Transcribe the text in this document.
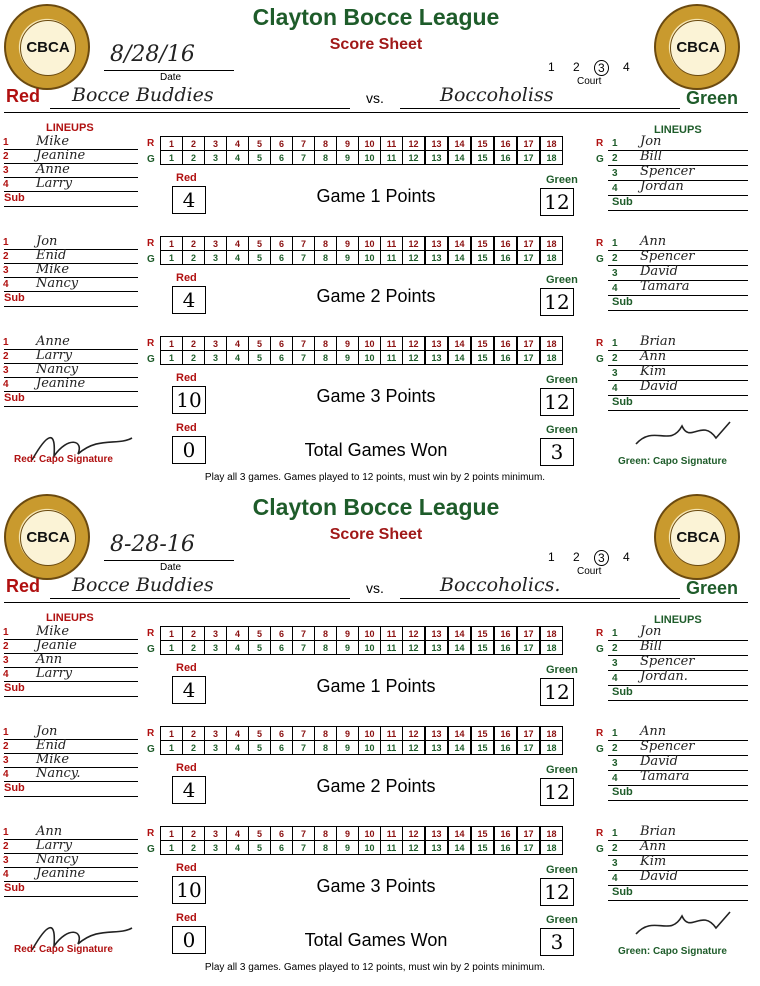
CBCA	CBCA
Clayton Bocce League
Score Sheet
8/28/16
Date
1 2	3	4
Court
Red Bocce Buddies	vs.	Boccoholiss	Green
LINEUPS	LINEUPS
1 Mike
2 Jeanine
3 Anne
4 Larry
Sub
1 Jon
2 Bill
3 Spencer
4 Jordan
Sub
R
G
R
G
1	2	3	4	5	6	7	8	9	10	11	12	13	14	15	16	17	18
1	2	3	4	5	6	7	8	9	10	11	12	13	14	15	16	17	18
Red
4	Game 1 Points
Green
12
1 Jon
2 Enid
3 Mike
4 Nancy
Sub
1 Ann
2 Spencer
3 David
4 Tamara
Sub
R
G
R
G
1	2	3	4	5	6	7	8	9	10	11	12	13	14	15	16	17	18
1	2	3	4	5	6	7	8	9	10	11	12	13	14	15	16	17	18
Red
4	Game 2 Points
Green
12
1 Anne
2 Larry
3 Nancy
4 Jeanine
Sub
1 Brian
2 Ann
3 Kim
4 David
Sub
R
G
R
G
1	2	3	4	5	6	7	8	9	10	11	12	13	14	15	16	17	18
1	2	3	4	5	6	7	8	9	10	11	12	13	14	15	16	17	18
Red
10	Game 3 Points
Green
12
Red
0	Total Games Won
Green
3
Red: Capo Signature	Green: Capo Signature
Play all 3 games. Games played to 12 points, must win by 2 points minimum.
CBCA	CBCA
Clayton Bocce League
Score Sheet
8-28-16
Date
1 2	3	4
Court
Red Bocce Buddies	vs.	Boccoholics.	Green
LINEUPS	LINEUPS
1 Mike
2 Jeanie
3 Ann
4 Larry
Sub
1 Jon
2 Bill
3 Spencer
4 Jordan.
Sub
R
G
R
G
1	2	3	4	5	6	7	8	9	10	11	12	13	14	15	16	17	18
1	2	3	4	5	6	7	8	9	10	11	12	13	14	15	16	17	18
Red
4	Game 1 Points
Green
12
1 Jon
2 Enid
3 Mike
4 Nancy.
Sub
1 Ann
2 Spencer
3 David
4 Tamara
Sub
R
G
R
G
1	2	3	4	5	6	7	8	9	10	11	12	13	14	15	16	17	18
1	2	3	4	5	6	7	8	9	10	11	12	13	14	15	16	17	18
Red
4	Game 2 Points
Green
12
1 Ann
2 Larry
3 Nancy
4 Jeanine
Sub
1 Brian
2 Ann
3 Kim
4 David
Sub
R
G
R
G
1	2	3	4	5	6	7	8	9	10	11	12	13	14	15	16	17	18
1	2	3	4	5	6	7	8	9	10	11	12	13	14	15	16	17	18
Red
10	Game 3 Points
Green
12
Red
0	Total Games Won
Green
3
Red: Capo Signature	Green: Capo Signature
Play all 3 games. Games played to 12 points, must win by 2 points minimum.
